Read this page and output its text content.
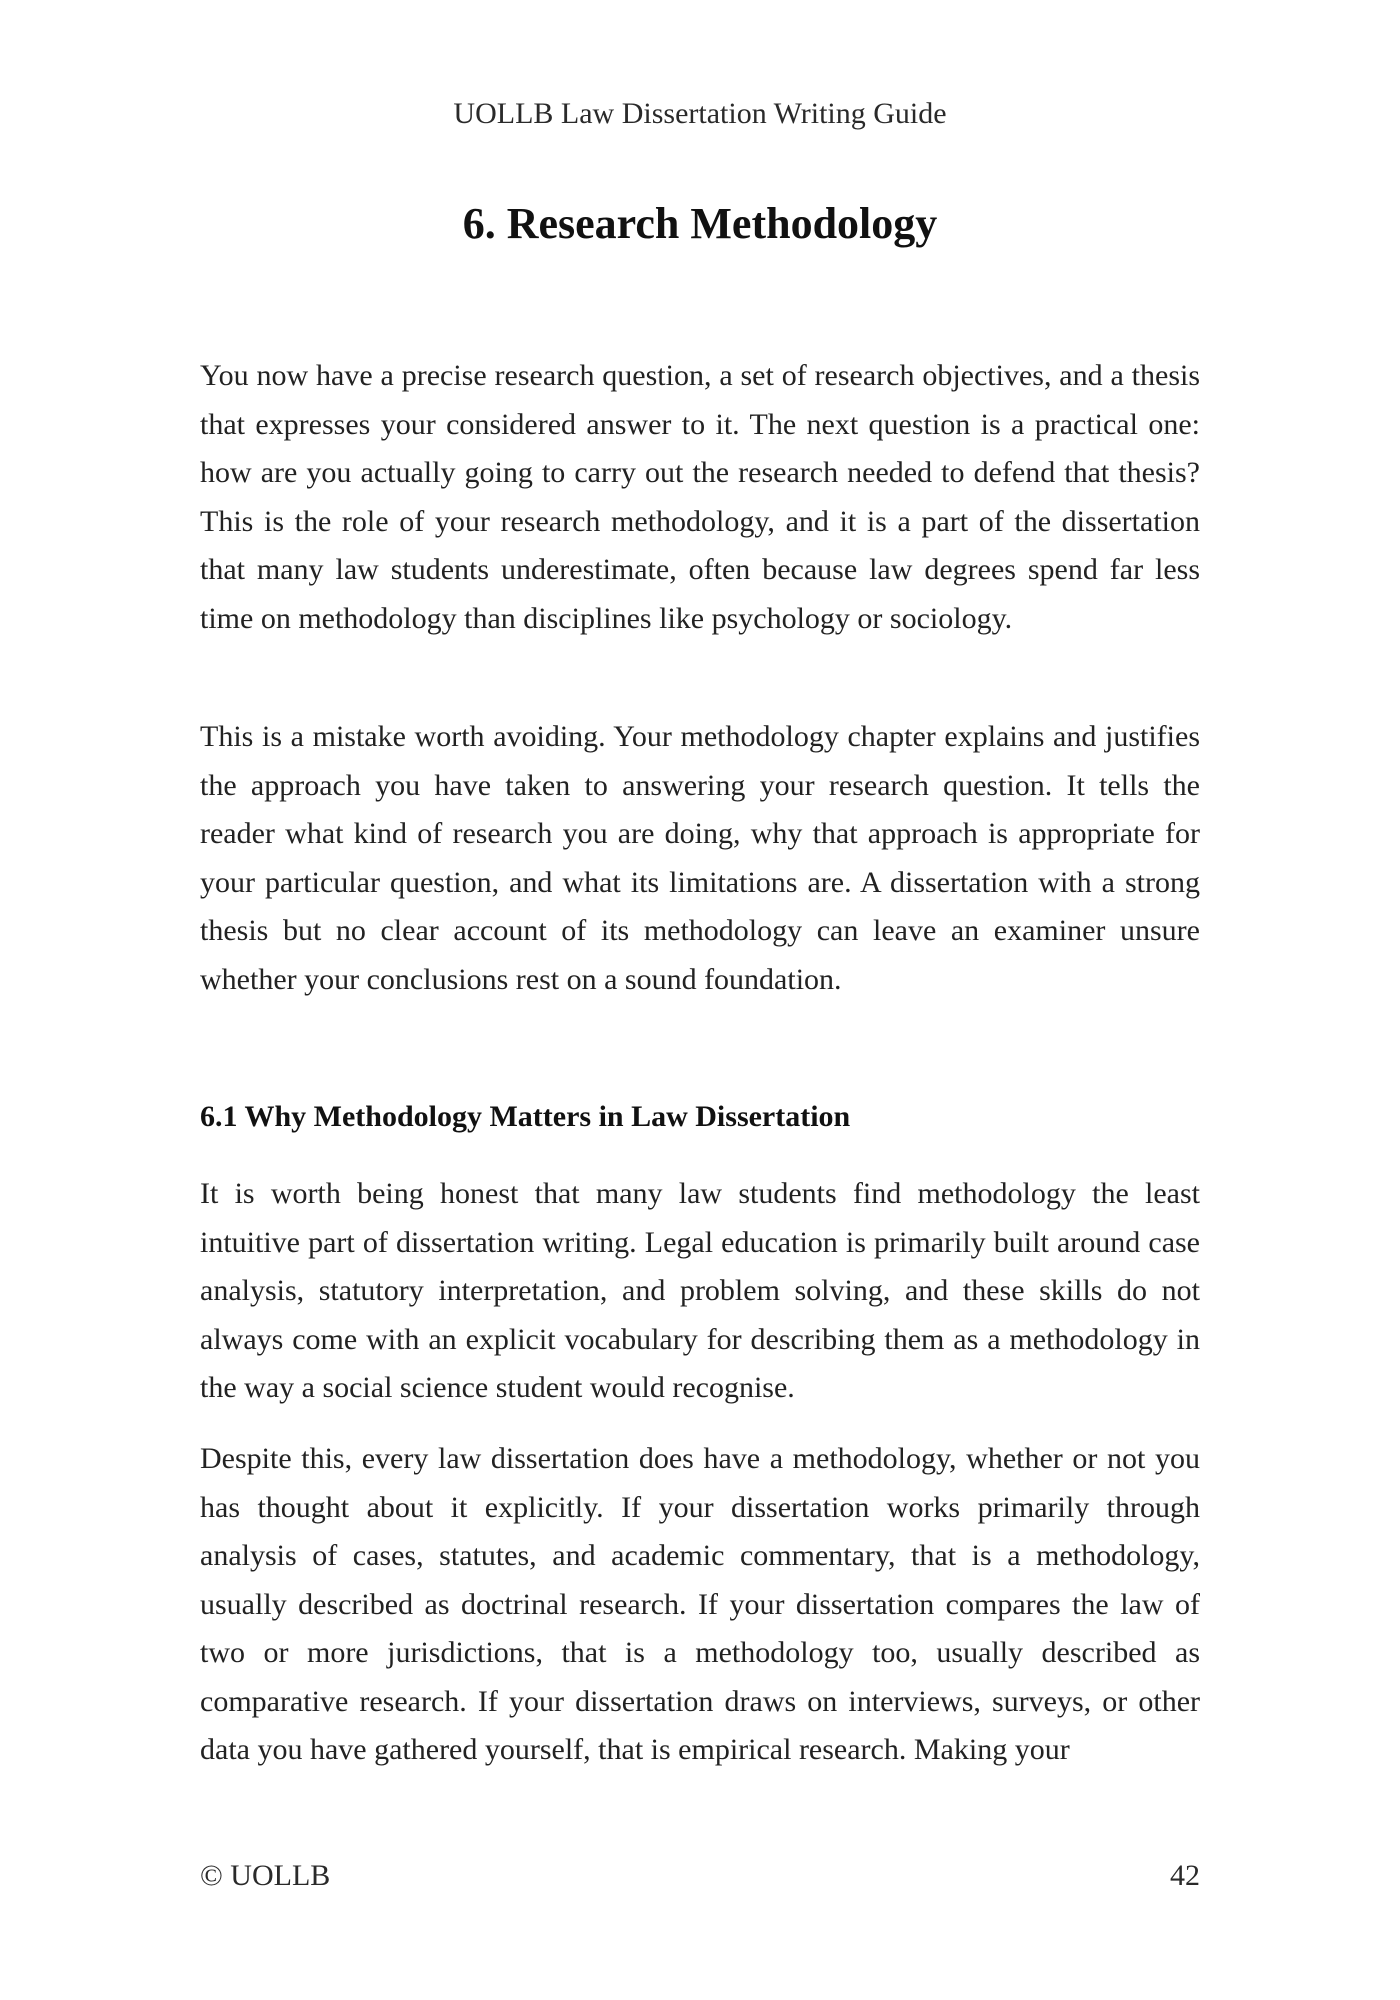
UOLLB Law Dissertation Writing Guide
6. Research Methodology

You now have a precise research question, a set of research objectives, and a thesis that expresses your considered answer to it. The next question is a practical one: how are you actually going to carry out the research needed to defend that thesis? This is the role of your research methodology, and it is a part of the dissertation that many law students underestimate, often because law degrees spend far less time on methodology than disciplines like psychology or sociology.

This is a mistake worth avoiding. Your methodology chapter explains and justifies the approach you have taken to answering your research question. It tells the reader what kind of research you are doing, why that approach is appropriate for your particular question, and what its limitations are. A dissertation with a strong thesis but no clear account of its methodology can leave an examiner unsure whether your conclusions rest on a sound foundation.

6.1 Why Methodology Matters in Law Dissertation

It is worth being honest that many law students find methodology the least intuitive part of dissertation writing. Legal education is primarily built around case analysis, statutory interpretation, and problem solving, and these skills do not always come with an explicit vocabulary for describing them as a methodology in the way a social science student would recognise.

Despite this, every law dissertation does have a methodology, whether or not you has thought about it explicitly. If your dissertation works primarily through analysis of cases, statutes, and academic commentary, that is a methodology, usually described as doctrinal research. If your dissertation compares the law of two or more jurisdictions, that is a methodology too, usually described as comparative research. If your dissertation draws on interviews, surveys, or other data you have gathered yourself, that is empirical research. Making your

© UOLLB	42
